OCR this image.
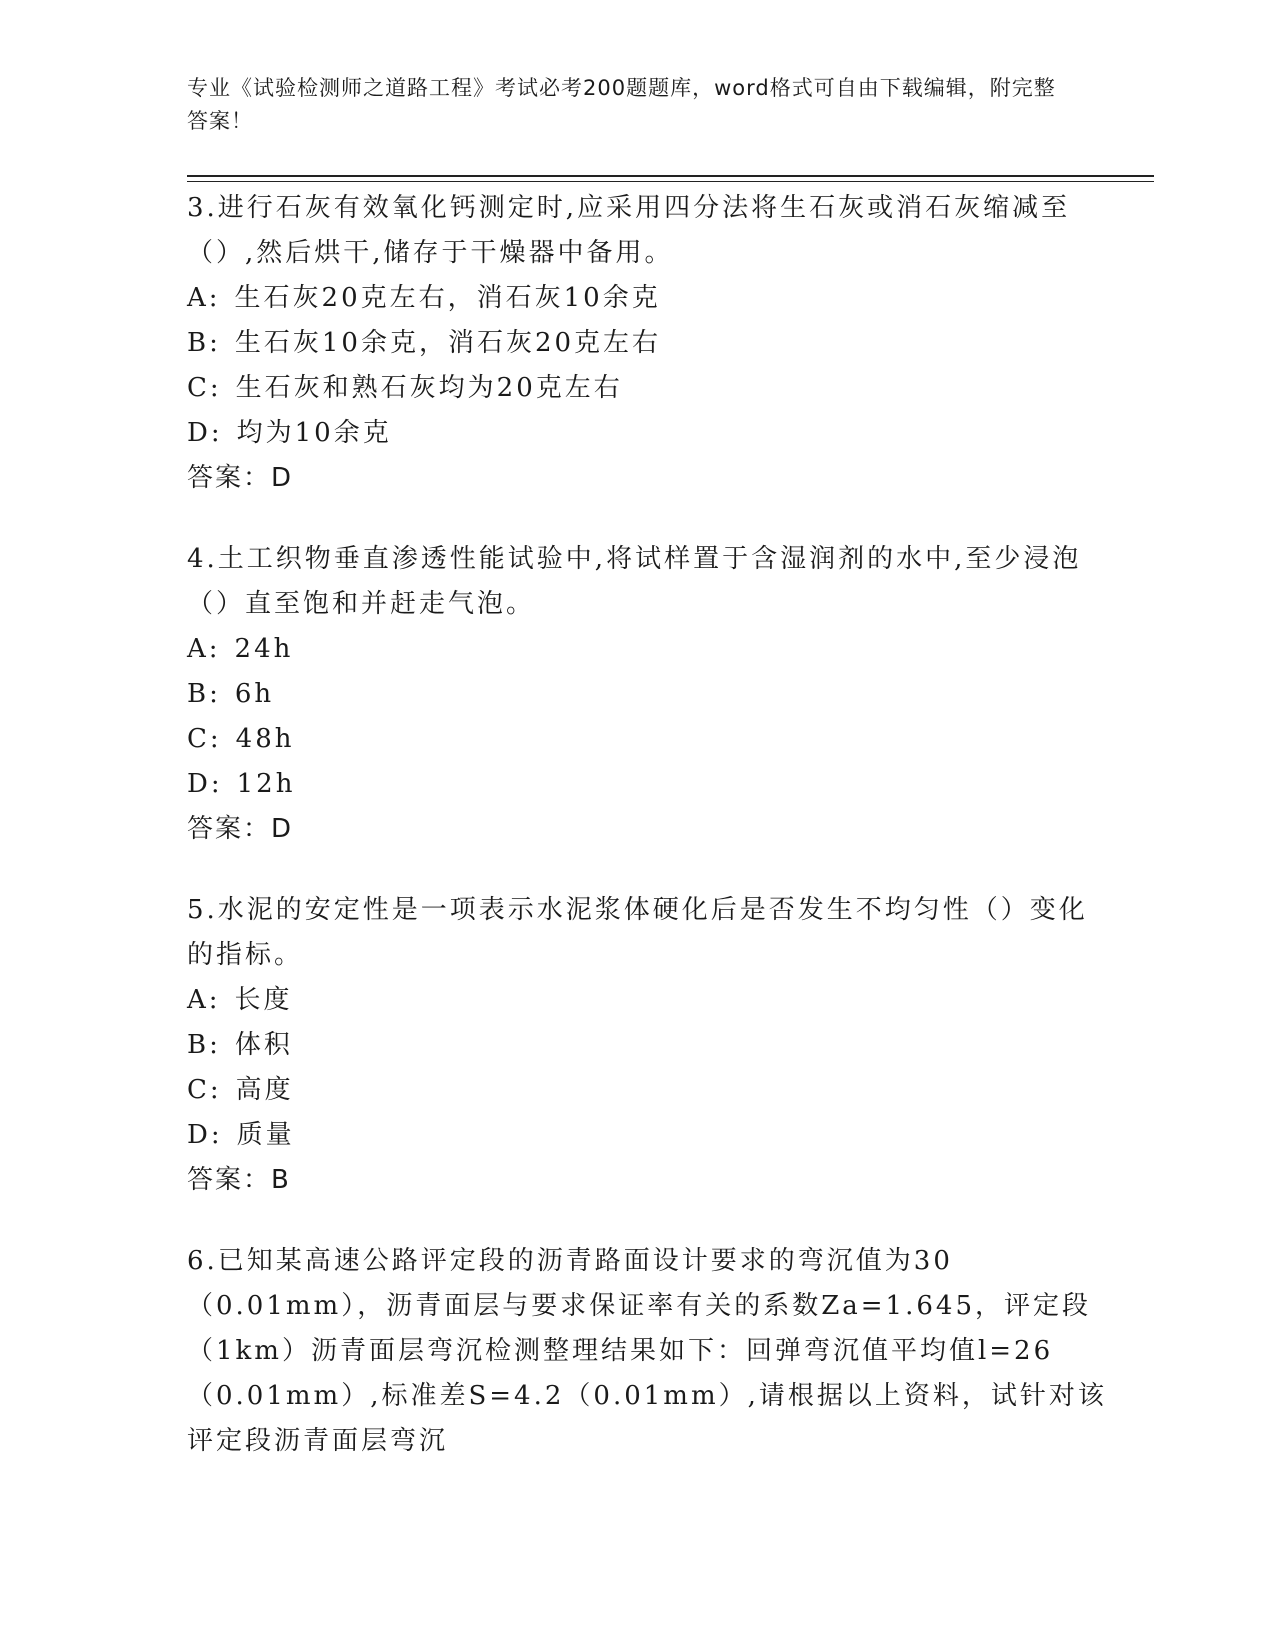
专业《试验检测师之道路工程》考试必考200题题库，word格式可自由下载编辑，附完整答案！

3.进行石灰有效氧化钙测定时,应采用四分法将生石灰或消石灰缩减至（）,然后烘干,储存于干燥器中备用。

A: 生石灰20克左右，消石灰10余克

B: 生石灰10余克，消石灰20克左右

C: 生石灰和熟石灰均为20克左右

D: 均为10余克

答案：D

4.土工织物垂直渗透性能试验中,将试样置于含湿润剂的水中,至少浸泡（）直至饱和并赶走气泡。

A: 24h

B: 6h

C: 48h

D: 12h

答案：D

5.水泥的安定性是一项表示水泥浆体硬化后是否发生不均匀性（）变化的指标。

A: 长度

B: 体积

C: 高度

D: 质量

答案：B

6.已知某高速公路评定段的沥青路面设计要求的弯沉值为30（0.01mm），沥青面层与要求保证率有关的系数Za=1.645，评定段（1km）沥青面层弯沉检测整理结果如下：回弹弯沉值平均值l=26（0.01mm）,标准差S=4.2（0.01mm）,请根据以上资料，试针对该评定段沥青面层弯沉
